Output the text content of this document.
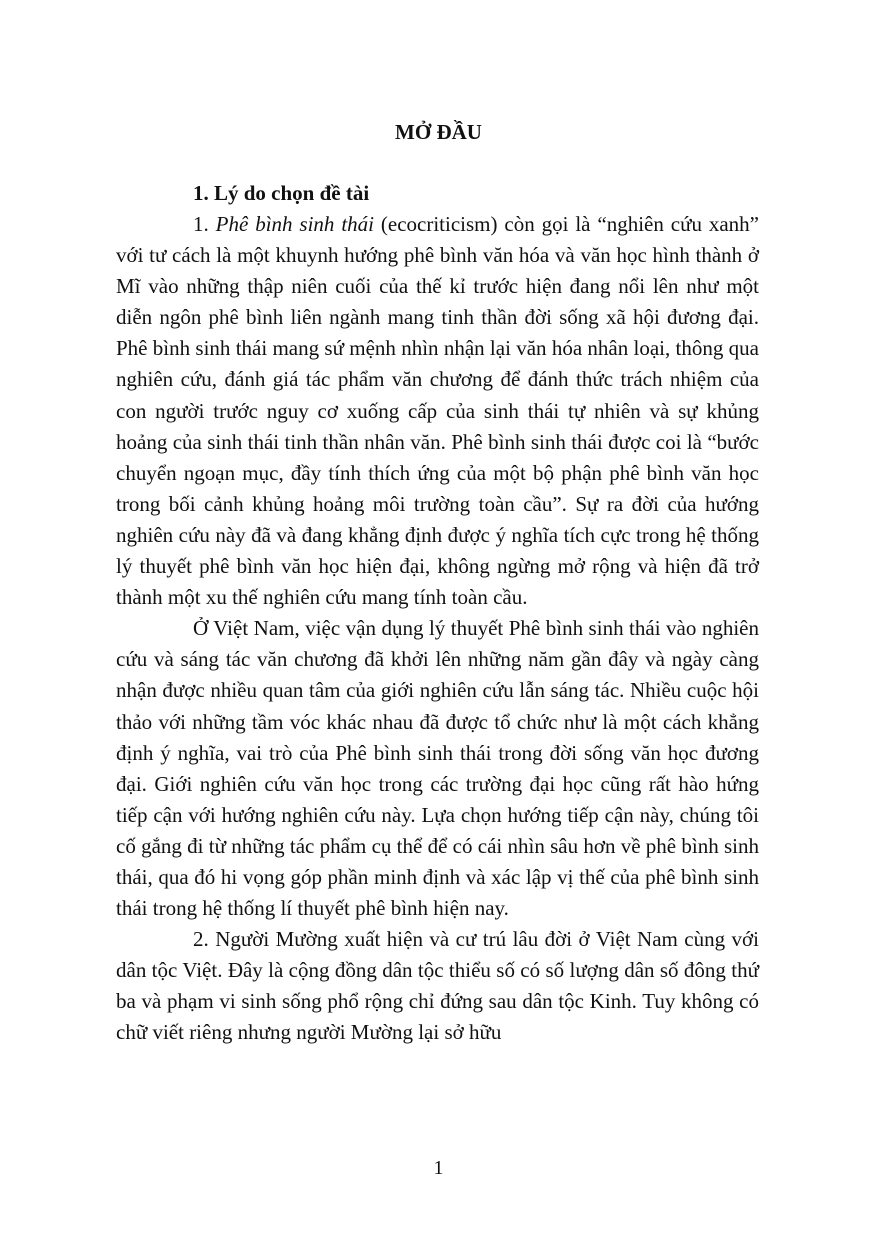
MỞ ĐẦU
1. Lý do chọn đề tài

1. Phê bình sinh thái (ecocriticism) còn gọi là “nghiên cứu xanh” với tư cách là một khuynh hướng phê bình văn hóa và văn học hình thành ở Mĩ vào những thập niên cuối của thế kỉ trước hiện đang nổi lên như một diễn ngôn phê bình liên ngành mang tinh thần đời sống xã hội đương đại. Phê bình sinh thái mang sứ mệnh nhìn nhận lại văn hóa nhân loại, thông qua nghiên cứu, đánh giá tác phẩm văn chương để đánh thức trách nhiệm của con người trước nguy cơ xuống cấp của sinh thái tự nhiên và sự khủng hoảng của sinh thái tinh thần nhân văn. Phê bình sinh thái được coi là “bước chuyển ngoạn mục, đầy tính thích ứng của một bộ phận phê bình văn học trong bối cảnh khủng hoảng môi trường toàn cầu”. Sự ra đời của hướng nghiên cứu này đã và đang khẳng định được ý nghĩa tích cực trong hệ thống lý thuyết phê bình văn học hiện đại, không ngừng mở rộng và hiện đã trở thành một xu thế nghiên cứu mang tính toàn cầu.

Ở Việt Nam, việc vận dụng lý thuyết Phê bình sinh thái vào nghiên cứu và sáng tác văn chương đã khởi lên những năm gần đây và ngày càng nhận được nhiều quan tâm của giới nghiên cứu lẫn sáng tác. Nhiều cuộc hội thảo với những tầm vóc khác nhau đã được tổ chức như là một cách khẳng định ý nghĩa, vai trò của Phê bình sinh thái trong đời sống văn học đương đại. Giới nghiên cứu văn học trong các trường đại học cũng rất hào hứng tiếp cận với hướng nghiên cứu này. Lựa chọn hướng tiếp cận này, chúng tôi cố gắng đi từ những tác phẩm cụ thể để có cái nhìn sâu hơn về phê bình sinh thái, qua đó hi vọng góp phần minh định và xác lập vị thế của phê bình sinh thái trong hệ thống lí thuyết phê bình hiện nay.

2. Người Mường xuất hiện và cư trú lâu đời ở Việt Nam cùng với dân tộc Việt. Đây là cộng đồng dân tộc thiểu số có số lượng dân số đông thứ ba và phạm vi sinh sống phổ rộng chỉ đứng sau dân tộc Kinh. Tuy không có chữ viết riêng nhưng người Mường lại sở hữu

1
